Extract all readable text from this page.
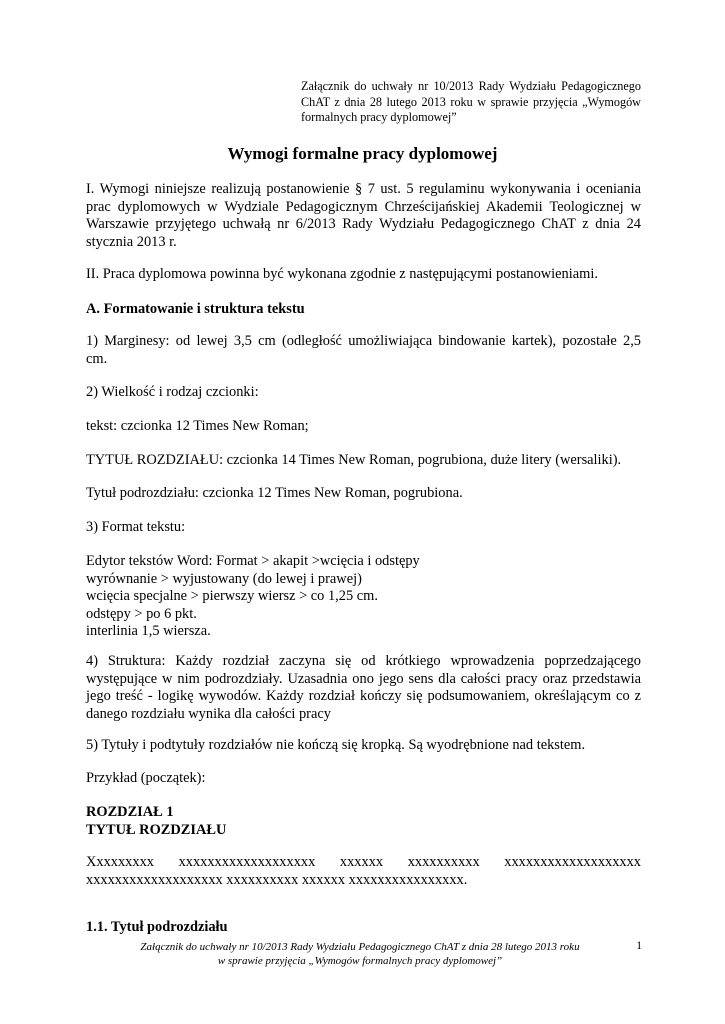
Załącznik do uchwały nr 10/2013 Rady Wydziału Pedagogicznego
ChAT z dnia 28 lutego 2013 roku w sprawie przyjęcia „Wymogów
formalnych pracy dyplomowej”
Wymogi formalne pracy dyplomowej
I. Wymogi niniejsze realizują postanowienie § 7 ust. 5 regulaminu wykonywania i oceniania
prac dyplomowych w Wydziale Pedagogicznym Chrześcijańskiej Akademii Teologicznej w
Warszawie przyjętego uchwałą nr 6/2013 Rady Wydziału Pedagogicznego ChAT z dnia 24
stycznia 2013 r.
II. Praca dyplomowa powinna być wykonana zgodnie z następującymi postanowieniami.
A. Formatowanie i struktura tekstu
1) Marginesy: od lewej 3,5 cm (odległość umożliwiająca bindowanie kartek), pozostałe 2,5
cm.
2) Wielkość i rodzaj czcionki:
tekst: czcionka 12 Times New Roman;
TYTUŁ ROZDZIAŁU: czcionka 14 Times New Roman, pogrubiona, duże litery (wersaliki).
Tytuł podrozdziału: czcionka 12 Times New Roman, pogrubiona.
3) Format tekstu:
Edytor tekstów Word: Format > akapit >wcięcia i odstępy
wyrównanie > wyjustowany (do lewej i prawej)
wcięcia specjalne > pierwszy wiersz > co 1,25 cm.
odstępy > po 6 pkt.
interlinia 1,5 wiersza.
4) Struktura: Każdy rozdział zaczyna się od krótkiego wprowadzenia poprzedzającego
występujące w nim podrozdziały. Uzasadnia ono jego sens dla całości pracy oraz przedstawia
jego treść - logikę wywodów. Każdy rozdział kończy się podsumowaniem, określającym co z
danego rozdziału wynika dla całości pracy
5) Tytuły i podtytuły rozdziałów nie kończą się kropką. Są wyodrębnione nad tekstem.
Przykład (początek):
ROZDZIAŁ 1
TYTUŁ ROZDZIAŁU
Xxxxxxxxx xxxxxxxxxxxxxxxxxxx xxxxxx xxxxxxxxxx xxxxxxxxxxxxxxxxxxx
xxxxxxxxxxxxxxxxxxx xxxxxxxxxx xxxxxx xxxxxxxxxxxxxxxx.
1.1. Tytuł podrozdziału
Załącznik do uchwały nr 10/2013 Rady Wydziału Pedagogicznego ChAT z dnia 28 lutego 2013 roku
w sprawie przyjęcia „Wymogów formalnych pracy dyplomowej”
1
